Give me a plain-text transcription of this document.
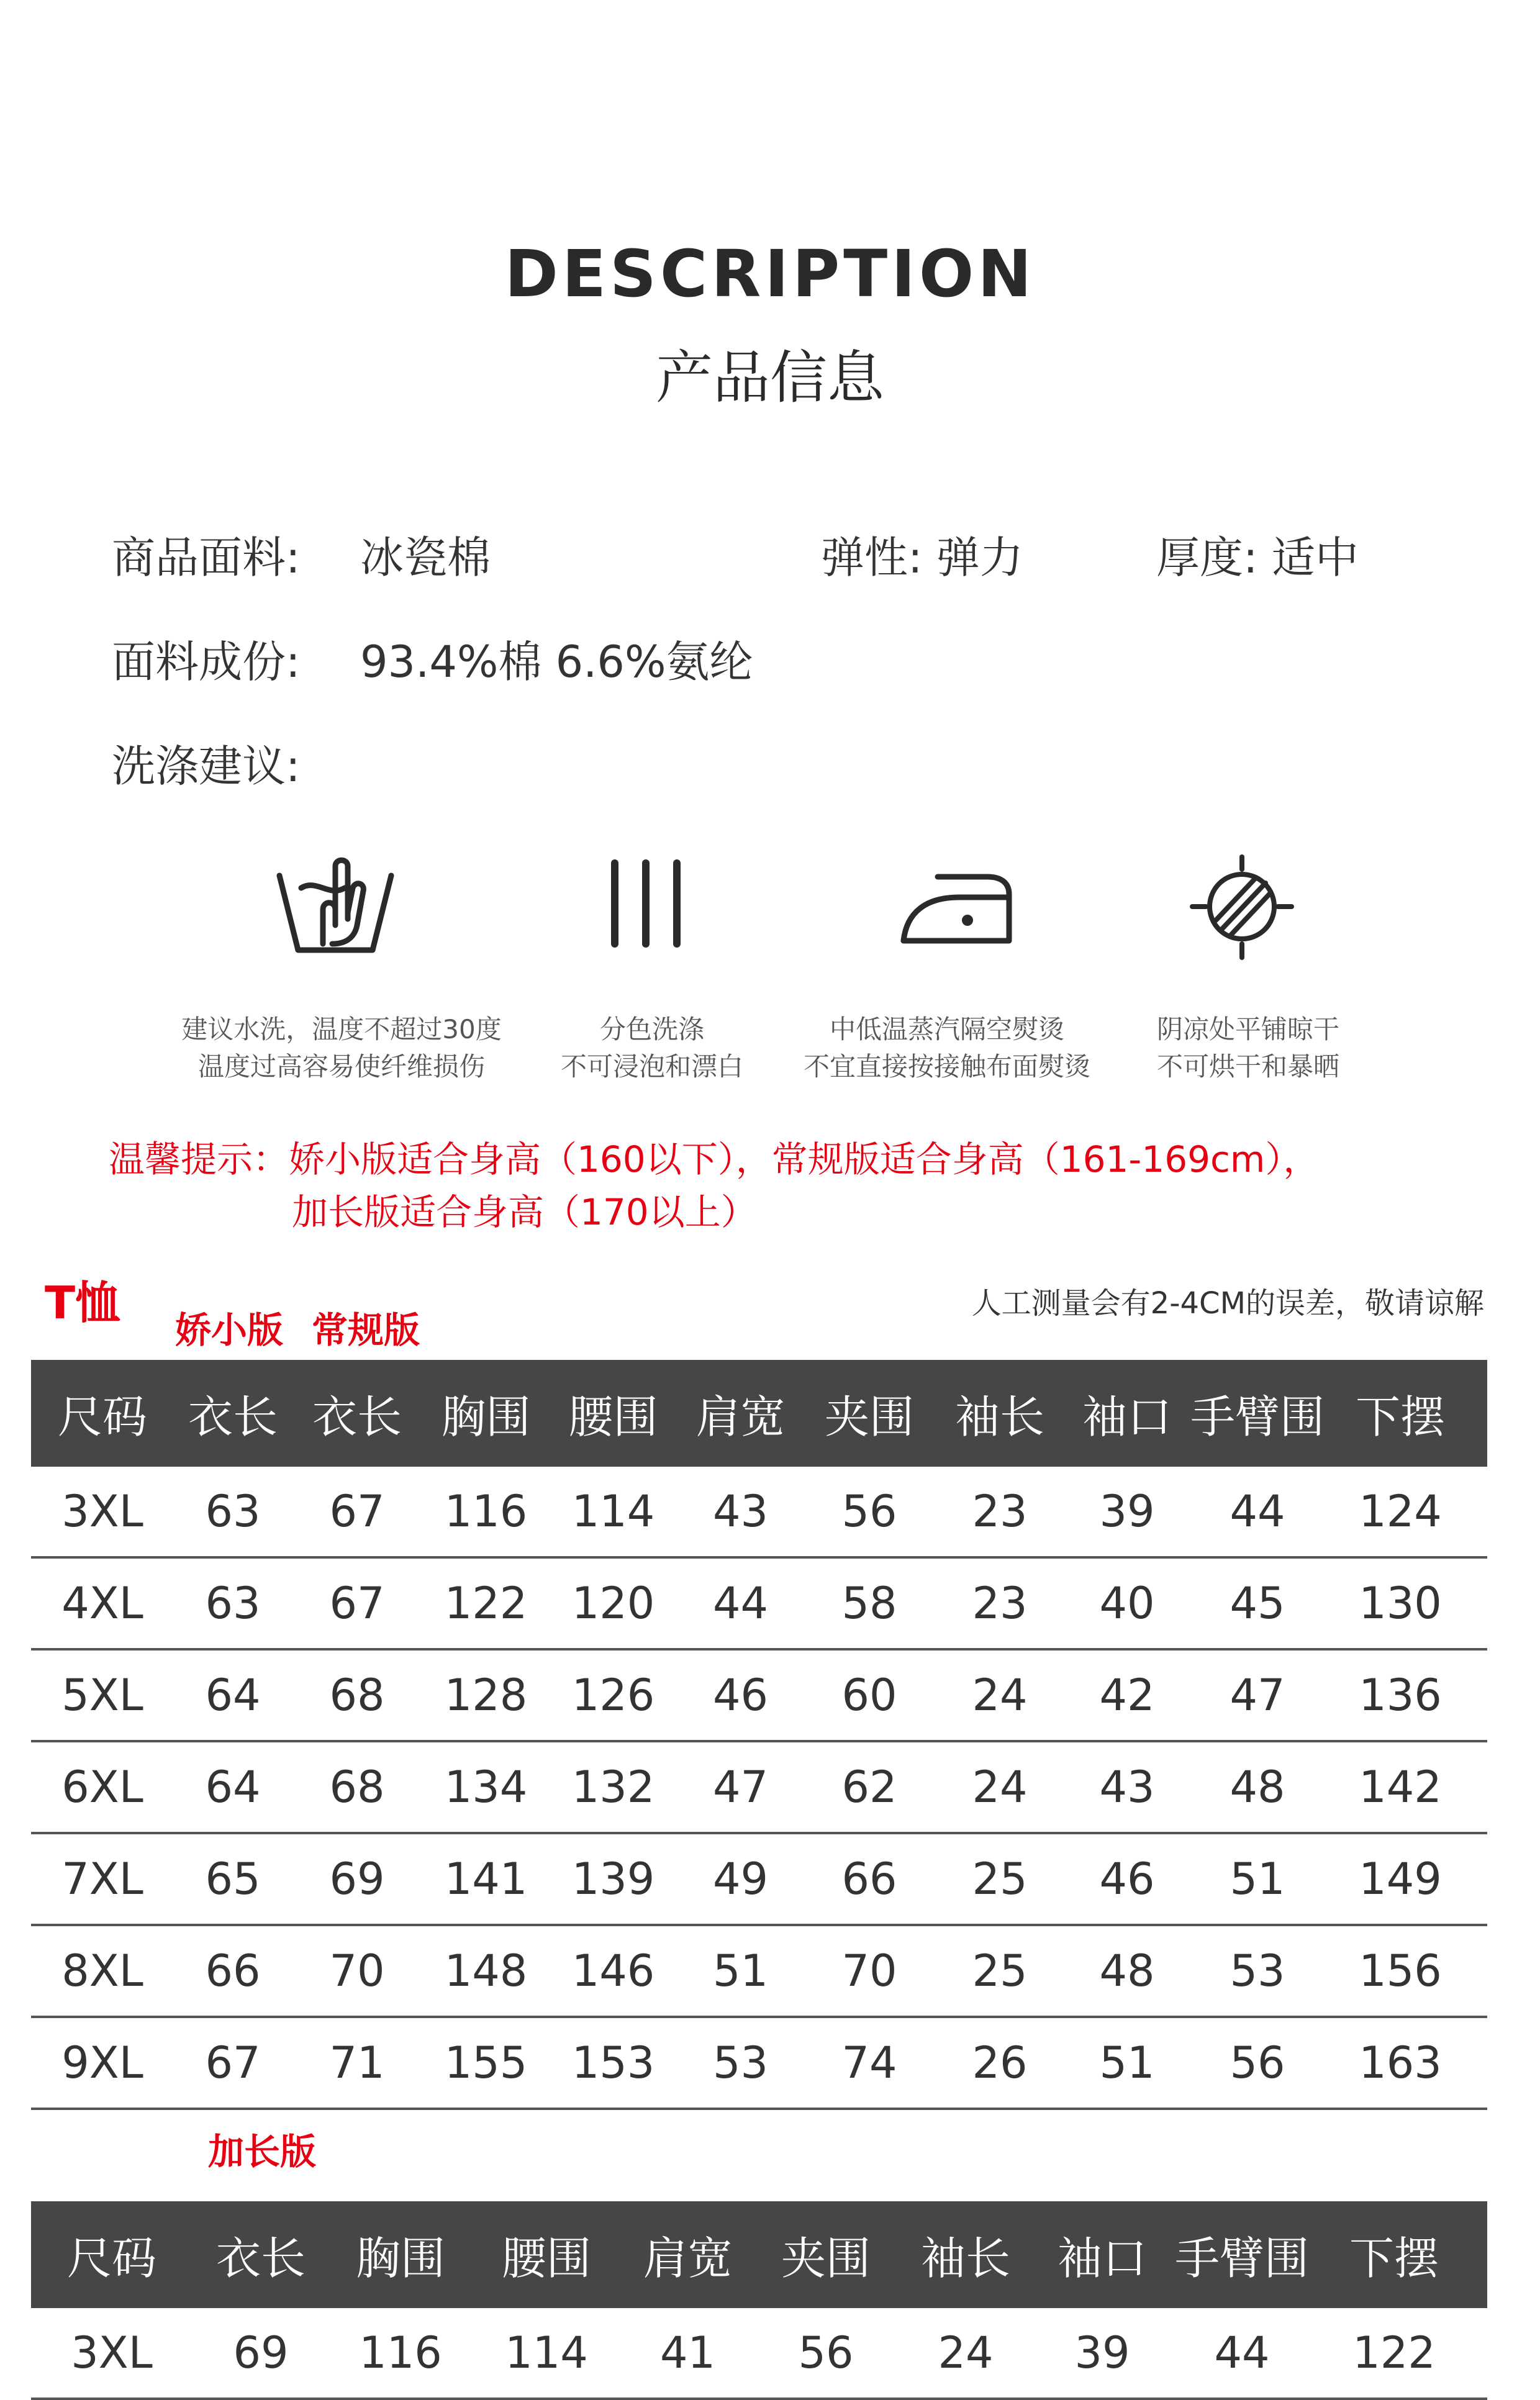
DESCRIPTION
产品信息
商品面料: 冰瓷棉	弹性: 弹力	厚度: 适中
面料成份: 93.4%棉 6.6%氨纶
洗涤建议:
建议水洗，温度不超过30度
温度过高容易使纤维损伤
分色洗涤
不可浸泡和漂白
中低温蒸汽隔空熨烫
不宜直接按接触布面熨烫
阴凉处平铺晾干
不可烘干和暴晒
温馨提示：娇小版适合身高（160以下），常规版适合身高（161-169cm），
加长版适合身高（170以上）
T恤
娇小版 常规版
人工测量会有2-4CM的误差，敬请谅解
尺码 衣长 衣长 胸围 腰围 肩宽 夹围 袖长 袖口 手臂围 下摆
3XL	63	67	116	114	43	56	23	39	44	124
4XL	63	67	122	120	44	58	23	40	45	130
5XL	64	68	128	126	46	60	24	42	47	136
6XL	64	68	134	132	47	62	24	43	48	142
7XL	65	69	141	139	49	66	25	46	51	149
8XL	66	70	148	146	51	70	25	48	53	156
9XL	67	71	155	153	53	74	26	51	56	163
加长版
尺码	衣长	胸围	腰围	肩宽	夹围	袖长	袖口 手臂围 下摆
3XL	69	116	114	41	56	24	39	44	122
